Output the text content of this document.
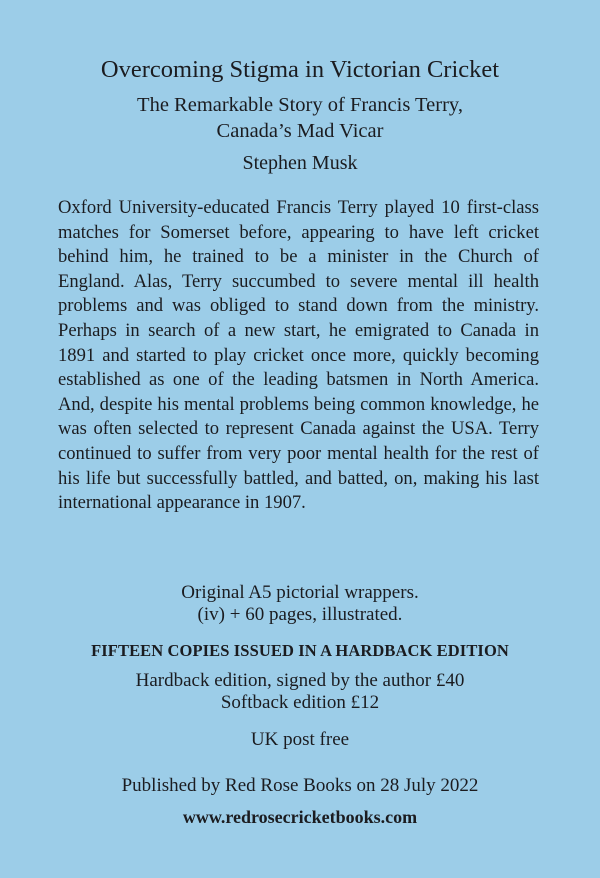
Overcoming Stigma in Victorian Cricket
The Remarkable Story of Francis Terry,
Canada’s Mad Vicar
Stephen Musk

Oxford University-educated Francis Terry played 10 first-class matches for Somerset before, appearing to have left cricket behind him, he trained to be a minister in the Church of England. Alas, Terry succumbed to severe mental ill health problems and was obliged to stand down from the ministry. Perhaps in search of a new start, he emigrated to Canada in 1891 and started to play cricket once more, quickly becoming established as one of the leading batsmen in North America. And, despite his mental problems being common knowledge, he was often selected to represent Canada against the USA. Terry continued to suffer from very poor mental health for the rest of his life but successfully battled, and batted, on, making his last international appearance in 1907.

Original A5 pictorial wrappers.
(iv) + 60 pages, illustrated.
FIFTEEN COPIES ISSUED IN A HARDBACK EDITION
Hardback edition, signed by the author £40
Softback edition £12
UK post free
Published by Red Rose Books on 28 July 2022
www.redrosecricketbooks.com
